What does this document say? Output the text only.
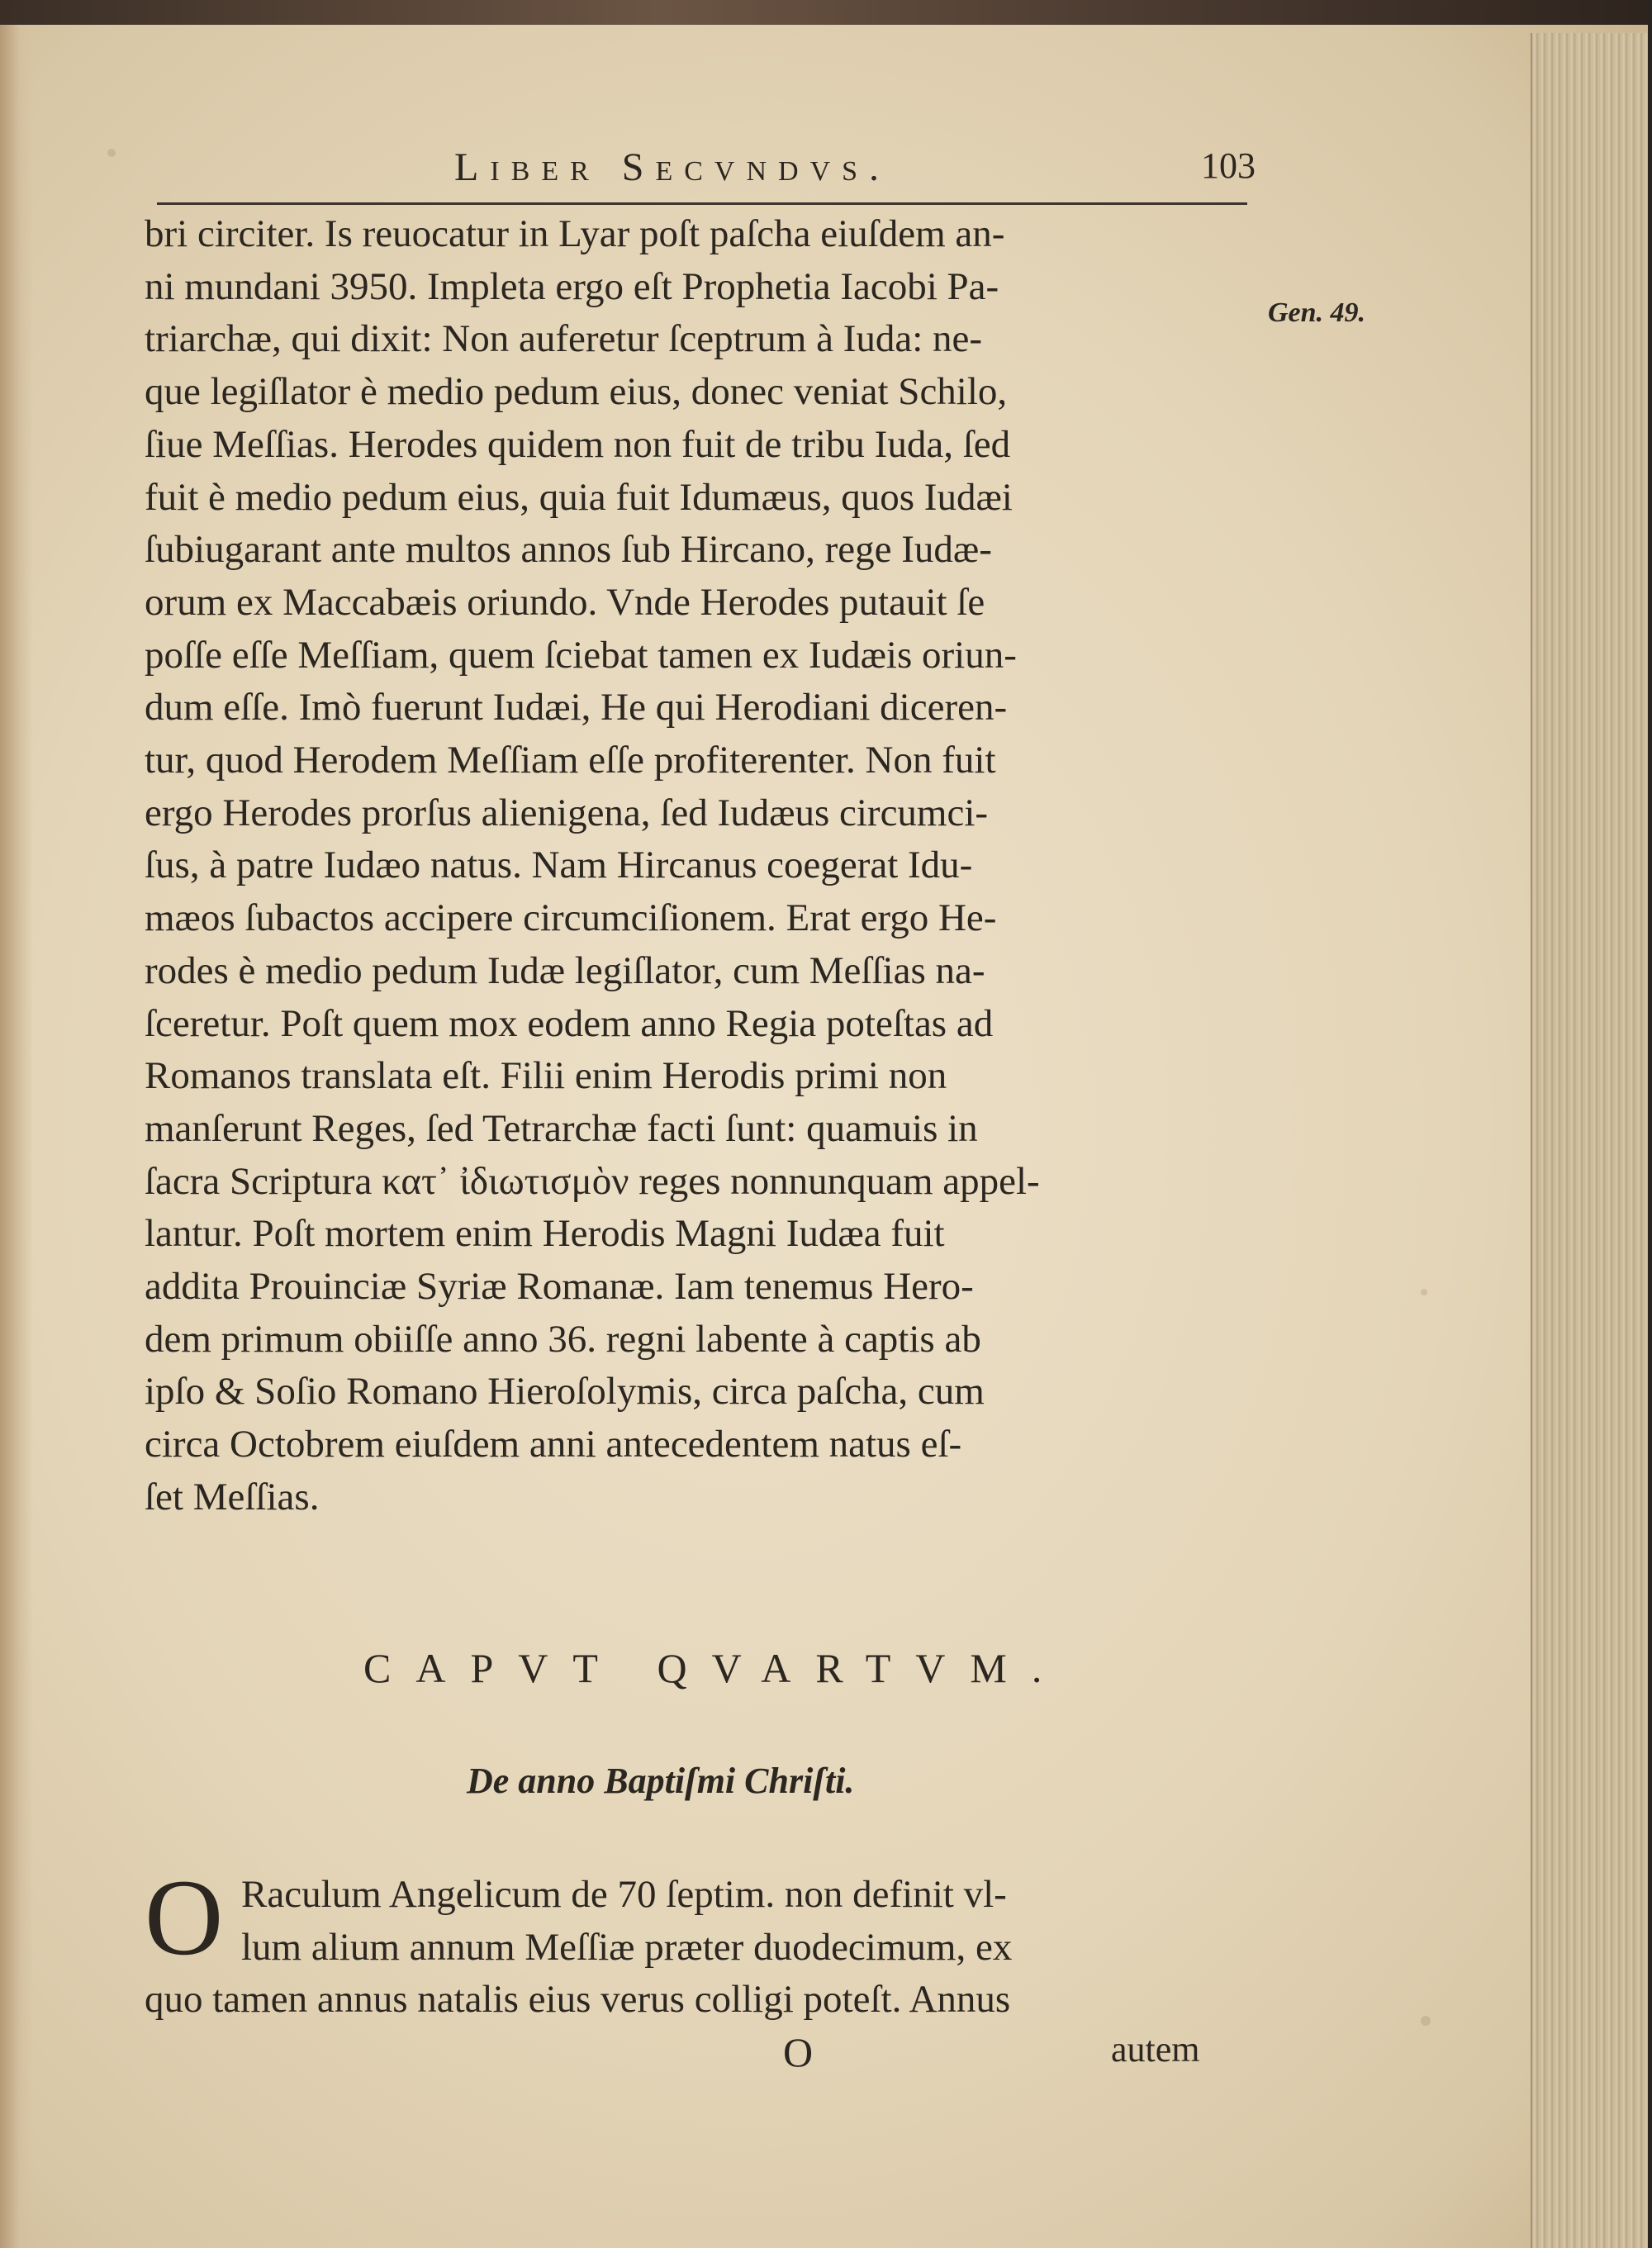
Liber Secvndvs.	103
Gen. 49.
bri circiter. Is reuocatur in Lyar poſt paſcha eiuſdem an-
ni mundani 3950. Impleta ergo eſt Prophetia Iacobi Pa-
triarchæ, qui dixit: Non auferetur ſceptrum à Iuda: ne-
que legiſlator è medio pedum eius, donec veniat Schilo,
ſiue Meſſias. Herodes quidem non fuit de tribu Iuda, ſed
fuit è medio pedum eius, quia fuit Idumæus, quos Iudæi
ſubiugarant ante multos annos ſub Hircano, rege Iudæ-
orum ex Maccabæis oriundo. Vnde Herodes putauit ſe
poſſe eſſe Meſſiam, quem ſciebat tamen ex Iudæis oriun-
dum eſſe. Imò fuerunt Iudæi, He qui Herodiani diceren-
tur, quod Herodem Meſſiam eſſe profiterenter. Non fuit
ergo Herodes prorſus alienigena, ſed Iudæus circumci-
ſus, à patre Iudæo natus. Nam Hircanus coegerat Idu-
mæos ſubactos accipere circumciſionem. Erat ergo He-
rodes è medio pedum Iudæ legiſlator, cum Meſſias na-
ſceretur. Poſt quem mox eodem anno Regia poteſtas ad
Romanos translata eſt. Filii enim Herodis primi non
manſerunt Reges, ſed Tetrarchæ facti ſunt: quamuis in
ſacra Scriptura κατ᾽ ἰδιωτισμὸν reges nonnunquam appel-
lantur. Poſt mortem enim Herodis Magni Iudæa fuit
addita Prouinciæ Syriæ Romanæ. Iam tenemus Hero-
dem primum obiiſſe anno 36. regni labente à captis ab
ipſo & Soſio Romano Hieroſolymis, circa paſcha, cum
circa Octobrem eiuſdem anni antecedentem natus eſ-
ſet Meſſias.
CAPVT QVARTVM.
De anno Baptiſmi Chriſti.
O Raculum Angelicum de 70 ſeptim. non definit vl-
lum alium annum Meſſiæ præter duodecimum, ex
quo tamen annus natalis eius verus colligi poteſt. Annus
O	autem
